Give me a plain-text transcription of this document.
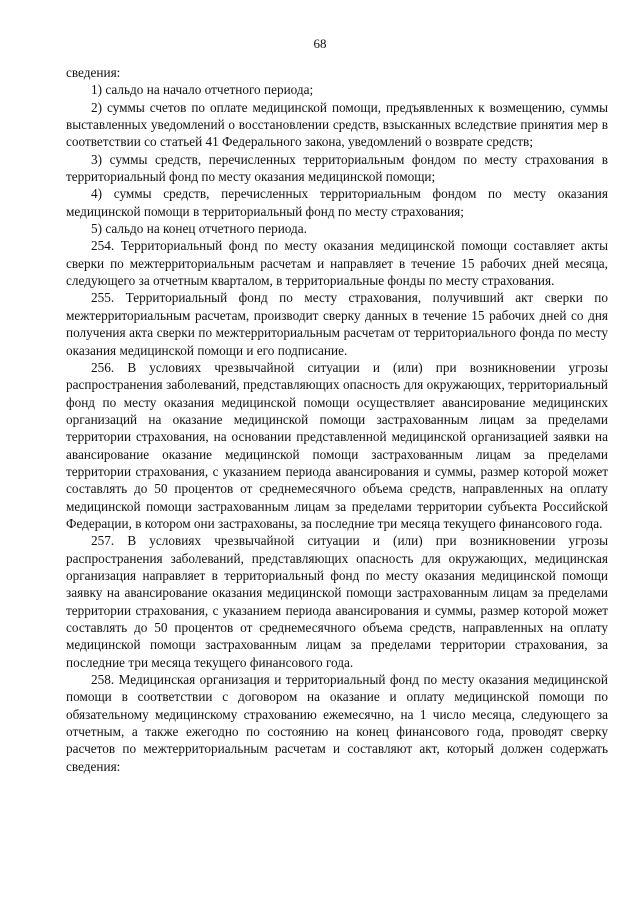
68

сведения:

1) сальдо на начало отчетного периода;

2) суммы счетов по оплате медицинской помощи, предъявленных к возмещению, суммы выставленных уведомлений о восстановлении средств, взысканных вследствие принятия мер в соответствии со статьей 41 Федерального закона, уведомлений о возврате средств;

3) суммы средств, перечисленных территориальным фондом по месту страхования в территориальный фонд по месту оказания медицинской помощи;

4) суммы средств, перечисленных территориальным фондом по месту оказания медицинской помощи в территориальный фонд по месту страхования;

5) сальдо на конец отчетного периода.

254. Территориальный фонд по месту оказания медицинской помощи составляет акты сверки по межтерриториальным расчетам и направляет в течение 15 рабочих дней месяца, следующего за отчетным кварталом, в территориальные фонды по месту страхования.

255. Территориальный фонд по месту страхования, получивший акт сверки по межтерриториальным расчетам, производит сверку данных в течение 15 рабочих дней со дня получения акта сверки по межтерриториальным расчетам от территориального фонда по месту оказания медицинской помощи и его подписание.

256. В условиях чрезвычайной ситуации и (или) при возникновении угрозы распространения заболеваний, представляющих опасность для окружающих, территориальный фонд по месту оказания медицинской помощи осуществляет авансирование медицинских организаций на оказание медицинской помощи застрахованным лицам за пределами территории страхования, на основании представленной медицинской организацией заявки на авансирование оказание медицинской помощи застрахованным лицам за пределами территории страхования, с указанием периода авансирования и суммы, размер которой может составлять до 50 процентов от среднемесячного объема средств, направленных на оплату медицинской помощи застрахованным лицам за пределами территории субъекта Российской Федерации, в котором они застрахованы, за последние три месяца текущего финансового года.

257. В условиях чрезвычайной ситуации и (или) при возникновении угрозы распространения заболеваний, представляющих опасность для окружающих, медицинская организация направляет в территориальный фонд по месту оказания медицинской помощи заявку на авансирование оказания медицинской помощи застрахованным лицам за пределами территории страхования, с указанием периода авансирования и суммы, размер которой может составлять до 50 процентов от среднемесячного объема средств, направленных на оплату медицинской помощи застрахованным лицам за пределами территории страхования, за последние три месяца текущего финансового года.

258. Медицинская организация и территориальный фонд по месту оказания медицинской помощи в соответствии с договором на оказание и оплату медицинской помощи по обязательному медицинскому страхованию ежемесячно, на 1 число месяца, следующего за отчетным, а также ежегодно по состоянию на конец финансового года, проводят сверку расчетов по межтерриториальным расчетам и составляют акт, который должен содержать сведения:
